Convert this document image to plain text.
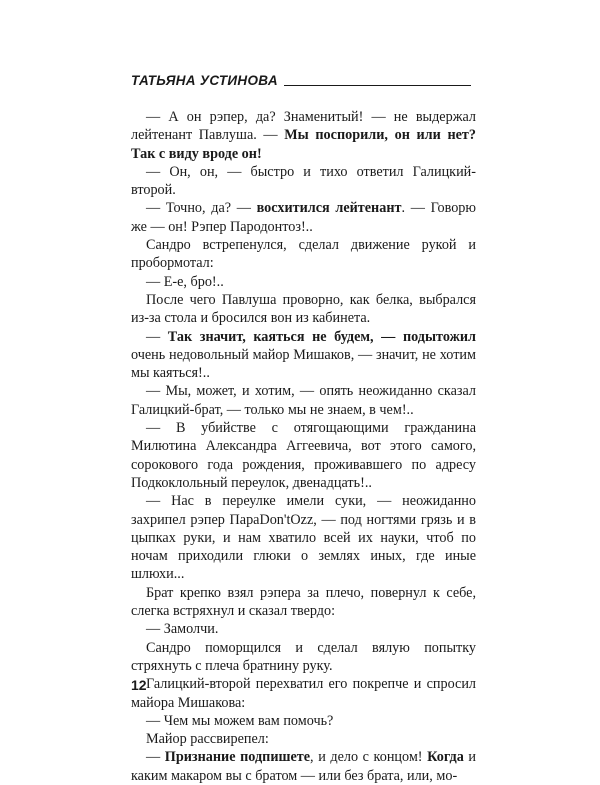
ТАТЬЯНА УСТИНОВА

— А он рэпер, да? Знаменитый! — не выдержал лейтенант Павлуша. — Мы поспорили, он или нет? Так с виду вроде он!

— Он, он, — быстро и тихо ответил Галицкий-второй.

— Точно, да? — восхитился лейтенант. — Говорю же — он! Рэпер Пародонтоз!..

Сандро встрепенулся, сделал движение рукой и пробормотал:

— Е-е, бро!..

После чего Павлуша проворно, как белка, выбрался из-за стола и бросился вон из кабинета.

— Так значит, каяться не будем, — подытожил очень недовольный майор Мишаков, — значит, не хотим мы каяться!..

— Мы, может, и хотим, — опять неожиданно сказал Галицкий-брат, — только мы не знаем, в чем!..

— В убийстве с отягощающими гражданина Милютина Александра Аггеевича, вот этого самого, сорокового года рождения, проживавшего по адресу Подкоклольный переулок, двенадцать!..

— Нас в переулке имели суки, — неожиданно захрипел рэпер ПараDon'tOzz, — под ногтями грязь и в цыпках руки, и нам хватило всей их науки, чтоб по ночам приходили глюки о землях иных, где иные шлюхи...

Брат крепко взял рэпера за плечо, повернул к себе, слегка встряхнул и сказал твердо:

— Замолчи.

Сандро поморщился и сделал вялую попытку стряхнуть с плеча братнину руку.

Галицкий-второй перехватил его покрепче и спросил майора Мишакова:

— Чем мы можем вам помочь?

Майор рассвирепел:

— Признание подпишете, и дело с концом! Когда и каким макаром вы с братом — или без брата, или, мо-

12
